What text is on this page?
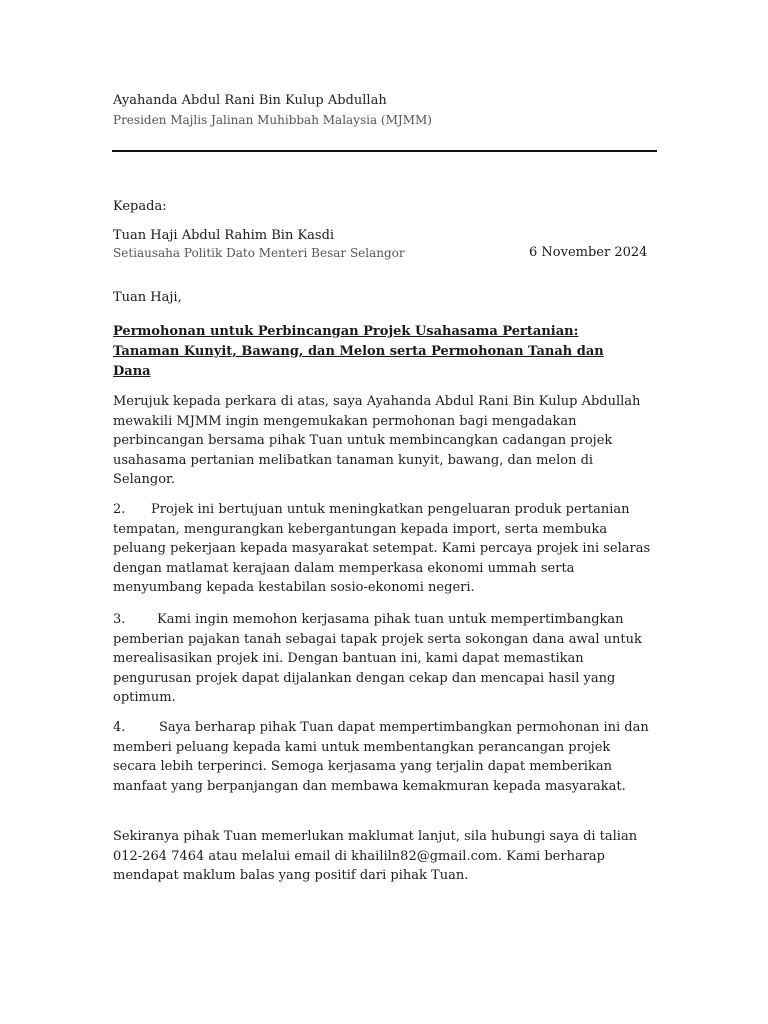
Ayahanda Abdul Rani Bin Kulup Abdullah
Presiden Majlis Jalinan Muhibbah Malaysia (MJMM)
Kepada:
Tuan Haji Abdul Rahim Bin Kasdi
Setiausaha Politik Dato Menteri Besar Selangor	6 November 2024
Tuan Haji,
Permohonan untuk Perbincangan Projek Usahasama Pertanian: Tanaman Kunyit, Bawang, dan Melon serta Permohonan Tanah dan Dana
Merujuk kepada perkara di atas, saya Ayahanda Abdul Rani Bin Kulup Abdullah mewakili MJMM ingin mengemukakan permohonan bagi mengadakan perbincangan bersama pihak Tuan untuk membincangkan cadangan projek usahasama pertanian melibatkan tanaman kunyit, bawang, dan melon di Selangor.
2. Projek ini bertujuan untuk meningkatkan pengeluaran produk pertanian tempatan, mengurangkan kebergantungan kepada import, serta membuka peluang pekerjaan kepada masyarakat setempat. Kami percaya projek ini selaras dengan matlamat kerajaan dalam memperkasa ekonomi ummah serta menyumbang kepada kestabilan sosio-ekonomi negeri.
3. Kami ingin memohon kerjasama pihak tuan untuk mempertimbangkan pemberian pajakan tanah sebagai tapak projek serta sokongan dana awal untuk merealisasikan projek ini. Dengan bantuan ini, kami dapat memastikan pengurusan projek dapat dijalankan dengan cekap dan mencapai hasil yang optimum.
4.	Saya berharap pihak Tuan dapat mempertimbangkan permohonan ini dan memberi peluang kepada kami untuk membentangkan perancangan projek secara lebih terperinci. Semoga kerjasama yang terjalin dapat memberikan manfaat yang berpanjangan dan membawa kemakmuran kepada masyarakat.
Sekiranya pihak Tuan memerlukan maklumat lanjut, sila hubungi saya di talian 012-264 7464 atau melalui email di khaililn82@gmail.com. Kami berharap mendapat maklum balas yang positif dari pihak Tuan.
